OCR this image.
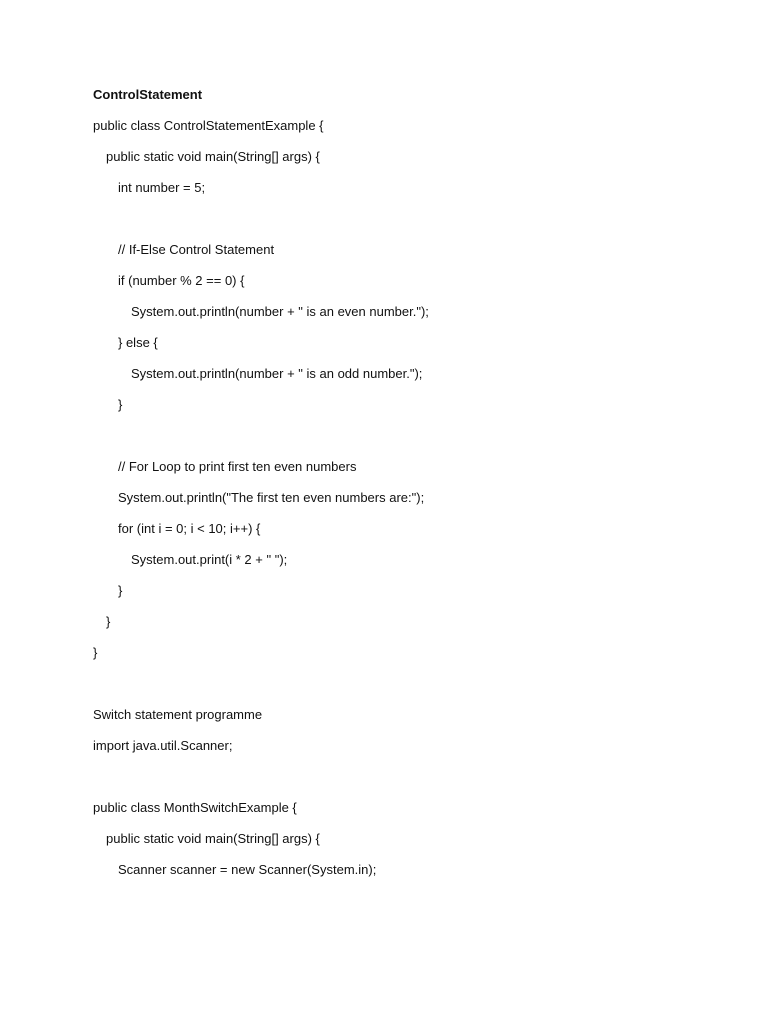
ControlStatement
public class ControlStatementExample {
public static void main(String[] args) {
int number = 5;
// If-Else Control Statement
if (number % 2 == 0) {
System.out.println(number + " is an even number.");
} else {
System.out.println(number + " is an odd number.");
}
// For Loop to print first ten even numbers
System.out.println("The first ten even numbers are:");
for (int i = 0; i < 10; i++) {
System.out.print(i * 2 + " ");
}
}
}
Switch statement programme
import java.util.Scanner;
public class MonthSwitchExample {
public static void main(String[] args) {
Scanner scanner = new Scanner(System.in);
